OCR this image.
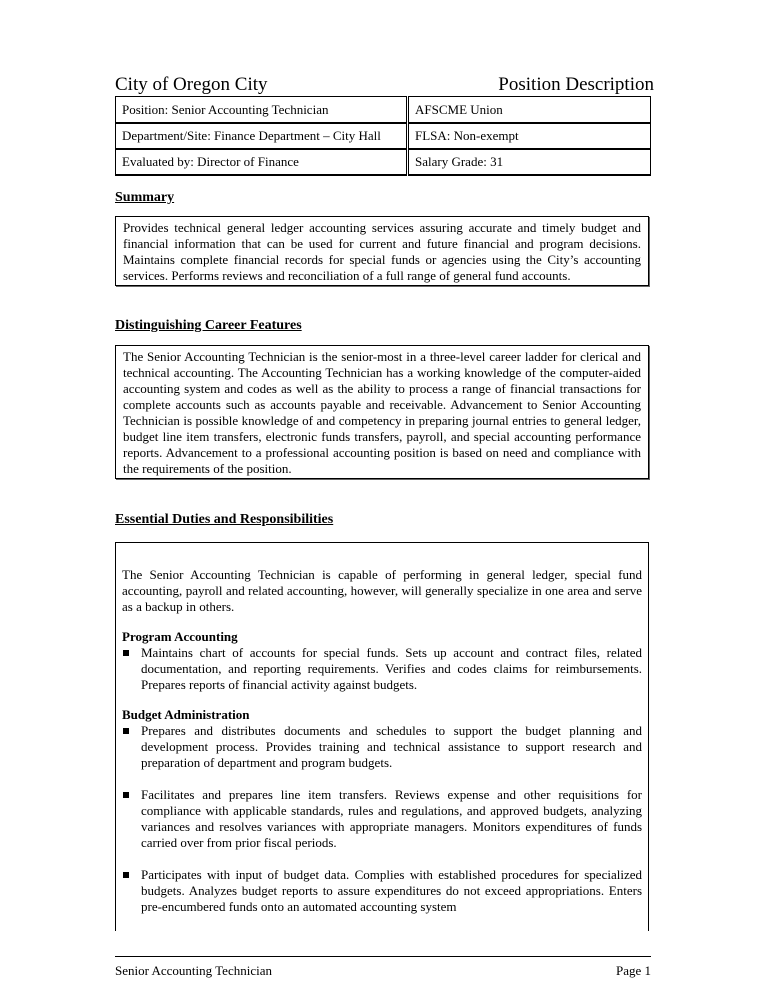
City of Oregon City	Position Description
Position: Senior Accounting Technician	AFSCME Union
Department/Site: Finance Department – City Hall	FLSA: Non-exempt
Evaluated by: Director of Finance	Salary Grade: 31
Summary

Provides technical general ledger accounting services assuring accurate and timely budget and financial information that can be used for current and future financial and program decisions. Maintains complete financial records for special funds or agencies using the City’s accounting services. Performs reviews and reconciliation of a full range of general fund accounts.

Distinguishing Career Features

The Senior Accounting Technician is the senior-most in a three-level career ladder for clerical and technical accounting. The Accounting Technician has a working knowledge of the computer-aided accounting system and codes as well as the ability to process a range of financial transactions for complete accounts such as accounts payable and receivable. Advancement to Senior Accounting Technician is possible knowledge of and competency in preparing journal entries to general ledger, budget line item transfers, electronic funds transfers, payroll, and special accounting performance reports. Advancement to a professional accounting position is based on need and compliance with the requirements of the position.

Essential Duties and Responsibilities

The Senior Accounting Technician is capable of performing in general ledger, special fund accounting, payroll and related accounting, however, will generally specialize in one area and serve as a backup in others.

Program Accounting

Maintains chart of accounts for special funds. Sets up account and contract files, related documentation, and reporting requirements. Verifies and codes claims for reimbursements. Prepares reports of financial activity against budgets.

Budget Administration

Prepares and distributes documents and schedules to support the budget planning and development process. Provides training and technical assistance to support research and preparation of department and program budgets.
Facilitates and prepares line item transfers. Reviews expense and other requisitions for compliance with applicable standards, rules and regulations, and approved budgets, analyzing variances and resolves variances with appropriate managers. Monitors expenditures of funds carried over from prior fiscal periods.
Participates with input of budget data. Complies with established procedures for specialized budgets. Analyzes budget reports to assure expenditures do not exceed appropriations. Enters pre-encumbered funds onto an automated accounting system
Senior Accounting Technician	Page 1
